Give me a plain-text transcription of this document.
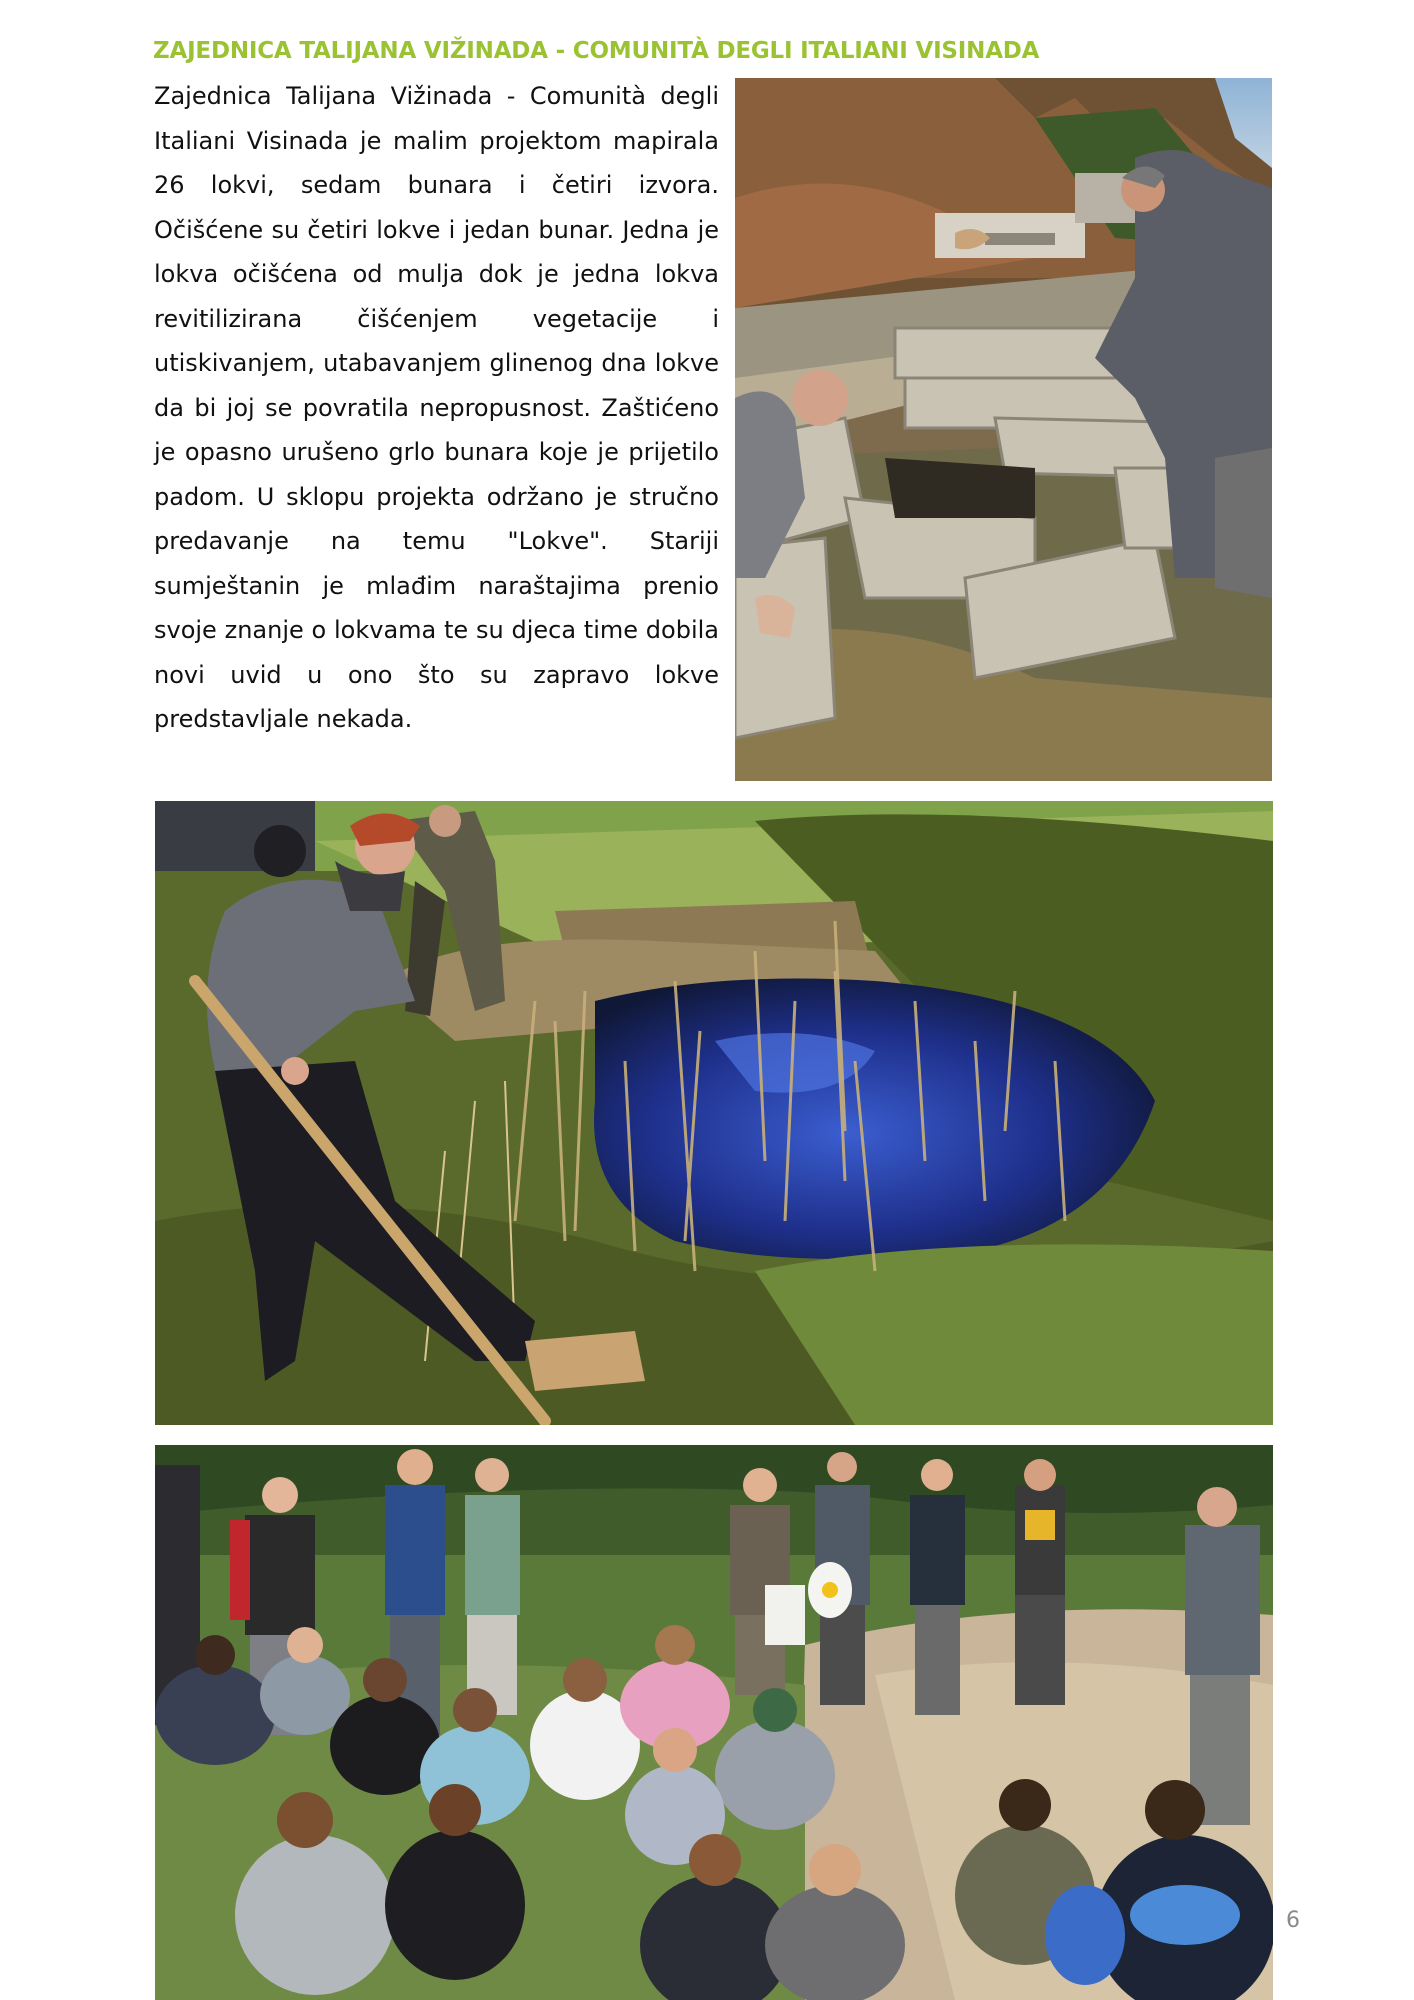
ZAJEDNICA TALIJANA VIŽINADA - COMUNITÀ DEGLI ITALIANI VISINADA

Zajednica Talijana Vižinada - Comunità degli Italiani Visinada je malim projektom mapirala 26 lokvi, sedam bunara i četiri izvora. Očišćene su četiri lokve i jedan bunar. Jedna je lokva očišćena od mulja dok je jedna lokva revitilizirana čišćenjem vegetacije i utiskivanjem, utabavanjem glinenog dna lokve da bi joj se povratila nepropusnost. Zaštićeno je opasno urušeno grlo bunara koje je prijetilo padom. U sklopu projekta održano je stručno predavanje na temu "Lokve". Stariji sumještanin je mlađim naraštajima prenio svoje znanje o lokvama te su djeca time dobila novi uvid u ono što su zapravo lokve predstavljale nekada.

6
